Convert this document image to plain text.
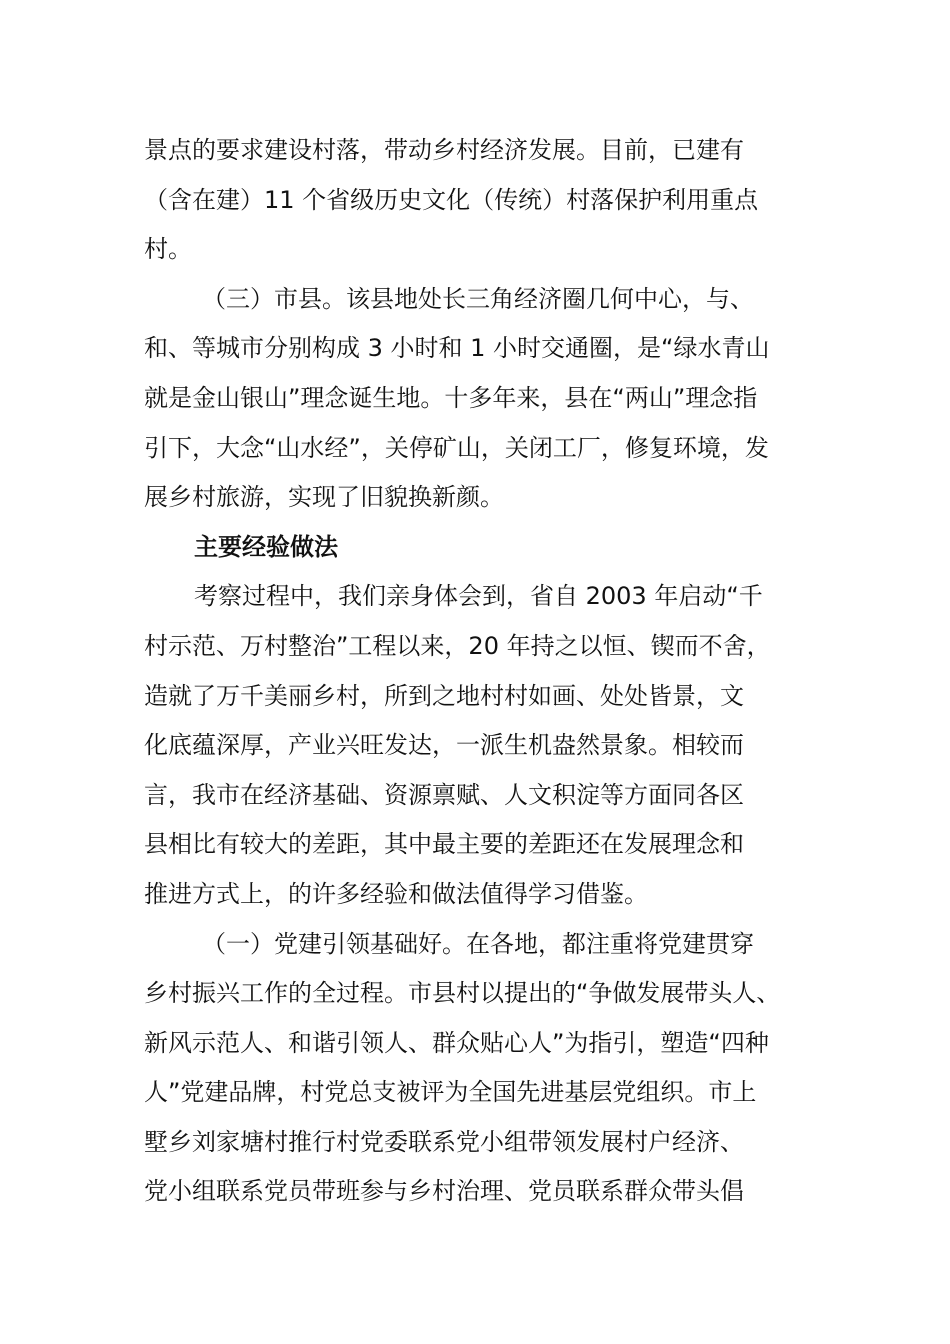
景点的要求建设村落，带动乡村经济发展。目前，已建有
（含在建）11 个省级历史文化（传统）村落保护利用重点
村。
（三）市县。该县地处长三角经济圈几何中心，与、
和、等城市分别构成 3 小时和 1 小时交通圈，是“绿水青山
就是金山银山”理念诞生地。十多年来，县在“两山”理念指
引下，大念“山水经”，关停矿山，关闭工厂，修复环境，发
展乡村旅游，实现了旧貌换新颜。
主要经验做法
考察过程中，我们亲身体会到，省自 2003 年启动“千
村示范、万村整治”工程以来，20 年持之以恒、锲而不舍，
造就了万千美丽乡村，所到之地村村如画、处处皆景，文
化底蕴深厚，产业兴旺发达，一派生机盎然景象。相较而
言，我市在经济基础、资源禀赋、人文积淀等方面同各区
县相比有较大的差距，其中最主要的差距还在发展理念和
推进方式上，的许多经验和做法值得学习借鉴。
（一）党建引领基础好。在各地，都注重将党建贯穿
乡村振兴工作的全过程。市县村以提出的“争做发展带头人、
新风示范人、和谐引领人、群众贴心人”为指引，塑造“四种
人”党建品牌，村党总支被评为全国先进基层党组织。市上
墅乡刘家塘村推行村党委联系党小组带领发展村户经济、
党小组联系党员带班参与乡村治理、党员联系群众带头倡
